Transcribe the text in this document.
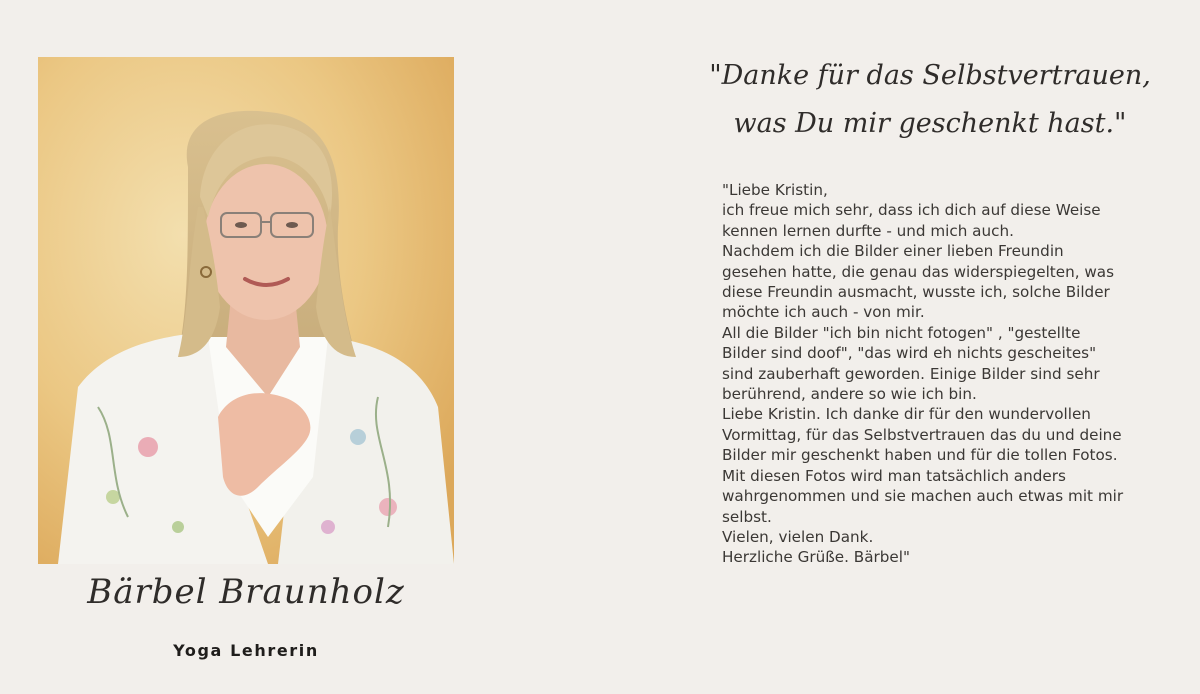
Bärbel Braunholz
Yoga Lehrerin
"Danke für das Selbstvertrauen,
was Du mir geschenkt hast."
"Liebe Kristin,
ich freue mich sehr, dass ich dich auf diese Weise
kennen lernen durfte - und mich auch.
Nachdem ich die Bilder einer lieben Freundin
gesehen hatte, die genau das widerspiegelten, was
diese Freundin ausmacht, wusste ich, solche Bilder
möchte ich auch - von mir.
All die Bilder "ich bin nicht fotogen" , "gestellte
Bilder sind doof", "das wird eh nichts gescheites"
sind zauberhaft geworden. Einige Bilder sind sehr
berührend, andere so wie ich bin.
Liebe Kristin. Ich danke dir für den wundervollen
Vormittag, für das Selbstvertrauen das du und deine
Bilder mir geschenkt haben und für die tollen Fotos.
Mit diesen Fotos wird man tatsächlich anders
wahrgenommen und sie machen auch etwas mit mir
selbst.
Vielen, vielen Dank.
Herzliche Grüße. Bärbel"
